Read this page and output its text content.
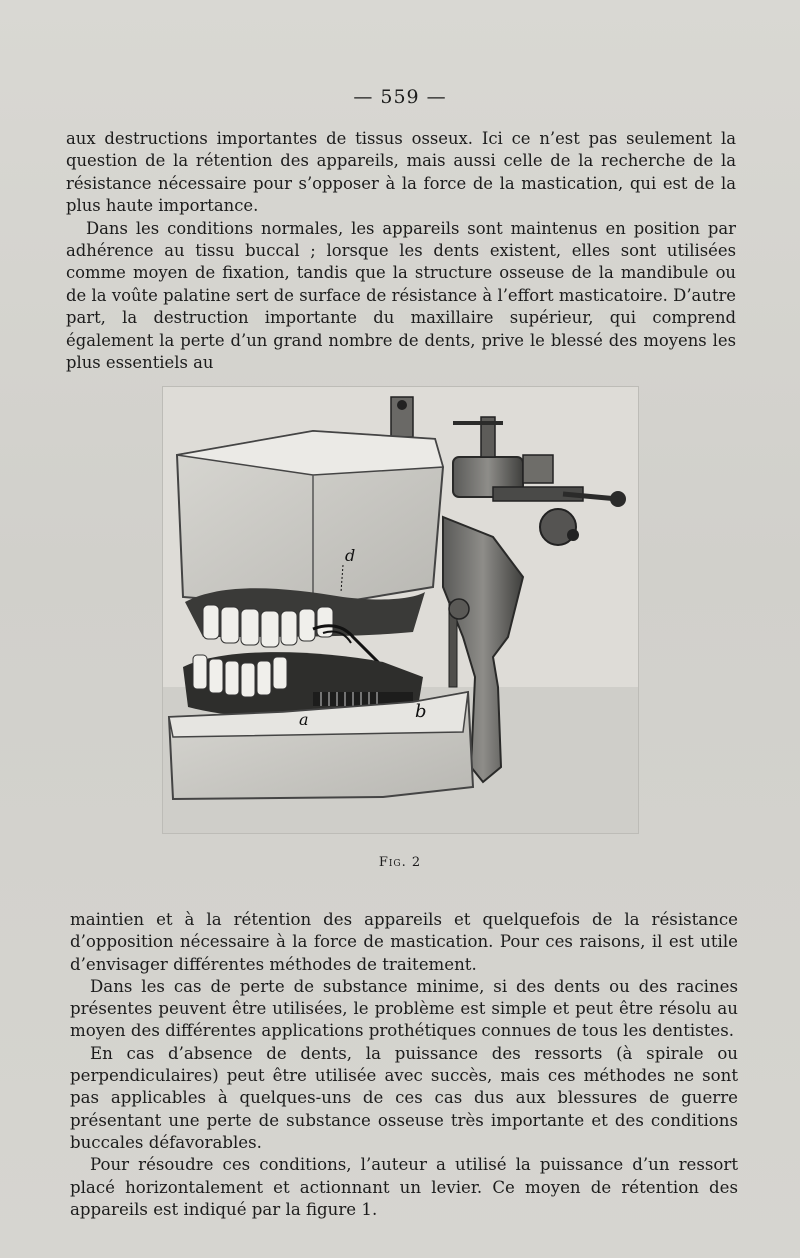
— 559 —

aux destructions importantes de tissus osseux. Ici ce n’est pas seulement la question de la rétention des appareils, mais aussi celle de la recherche de la résistance nécessaire pour s’opposer à la force de la mastication, qui est de la plus haute importance.

Dans les conditions normales, les appareils sont maintenus en position par adhérence au tissu buccal ; lorsque les dents existent, elles sont utilisées comme moyen de fixation, tandis que la structure osseuse de la mandibule ou de la voûte palatine sert de surface de résistance à l’effort masticatoire. D’autre part, la destruction importante du maxillaire supérieur, qui comprend également la perte d’un grand nombre de dents, prive le blessé des moyens les plus essentiels au

d
a	b
Fig. 2

maintien et à la rétention des appareils et quelquefois de la résistance d’opposition nécessaire à la force de mastication. Pour ces raisons, il est utile d’envisager différentes méthodes de traitement.

Dans les cas de perte de substance minime, si des dents ou des racines présentes peuvent être utilisées, le problème est simple et peut être résolu au moyen des différentes applications prothétiques connues de tous les dentistes.

En cas d’absence de dents, la puissance des ressorts (à spirale ou perpendiculaires) peut être utilisée avec succès, mais ces méthodes ne sont pas applicables à quelques-uns de ces cas dus aux blessures de guerre présentant une perte de substance osseuse très importante et des conditions buccales défavorables.

Pour résoudre ces conditions, l’auteur a utilisé la puissance d’un ressort placé horizontalement et actionnant un levier. Ce moyen de rétention des appareils est indiqué par la figure 1.
